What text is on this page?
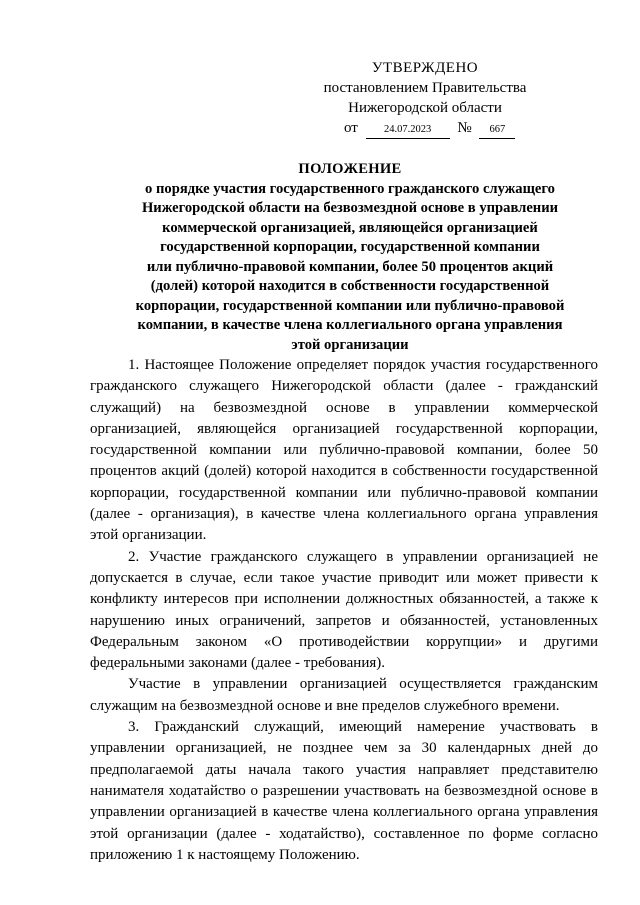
УТВЕРЖДЕНО
постановлением Правительства
Нижегородской области
от 24.07.2023 № 667
ПОЛОЖЕНИЕ
о порядке участия государственного гражданского служащего
Нижегородской области на безвозмездной основе в управлении
коммерческой организацией, являющейся организацией
государственной корпорации, государственной компании
или публично-правовой компании, более 50 процентов акций
(долей) которой находится в собственности государственной
корпорации, государственной компании или публично-правовой
компании, в качестве члена коллегиального органа управления
этой организации

1. Настоящее Положение определяет порядок участия государственного гражданского служащего Нижегородской области (далее - гражданский служащий) на безвозмездной основе в управлении коммерческой организацией, являющейся организацией государственной корпорации, государственной компании или публично-правовой компании, более 50 процентов акций (долей) которой находится в собственности государственной корпорации, государственной компании или публично-правовой компании (далее - организация), в качестве члена коллегиального органа управления этой организации.

2. Участие гражданского служащего в управлении организацией не допускается в случае, если такое участие приводит или может привести к конфликту интересов при исполнении должностных обязанностей, а также к нарушению иных ограничений, запретов и обязанностей, установленных Федеральным законом «О противодействии коррупции» и другими федеральными законами (далее - требования).

Участие в управлении организацией осуществляется гражданским служащим на безвозмездной основе и вне пределов служебного времени.

3. Гражданский служащий, имеющий намерение участвовать в управлении организацией, не позднее чем за 30 календарных дней до предполагаемой даты начала такого участия направляет представителю нанимателя ходатайство о разрешении участвовать на безвозмездной основе в управлении организацией в качестве члена коллегиального органа управления этой организации (далее - ходатайство), составленное по форме согласно приложению 1 к настоящему Положению.
